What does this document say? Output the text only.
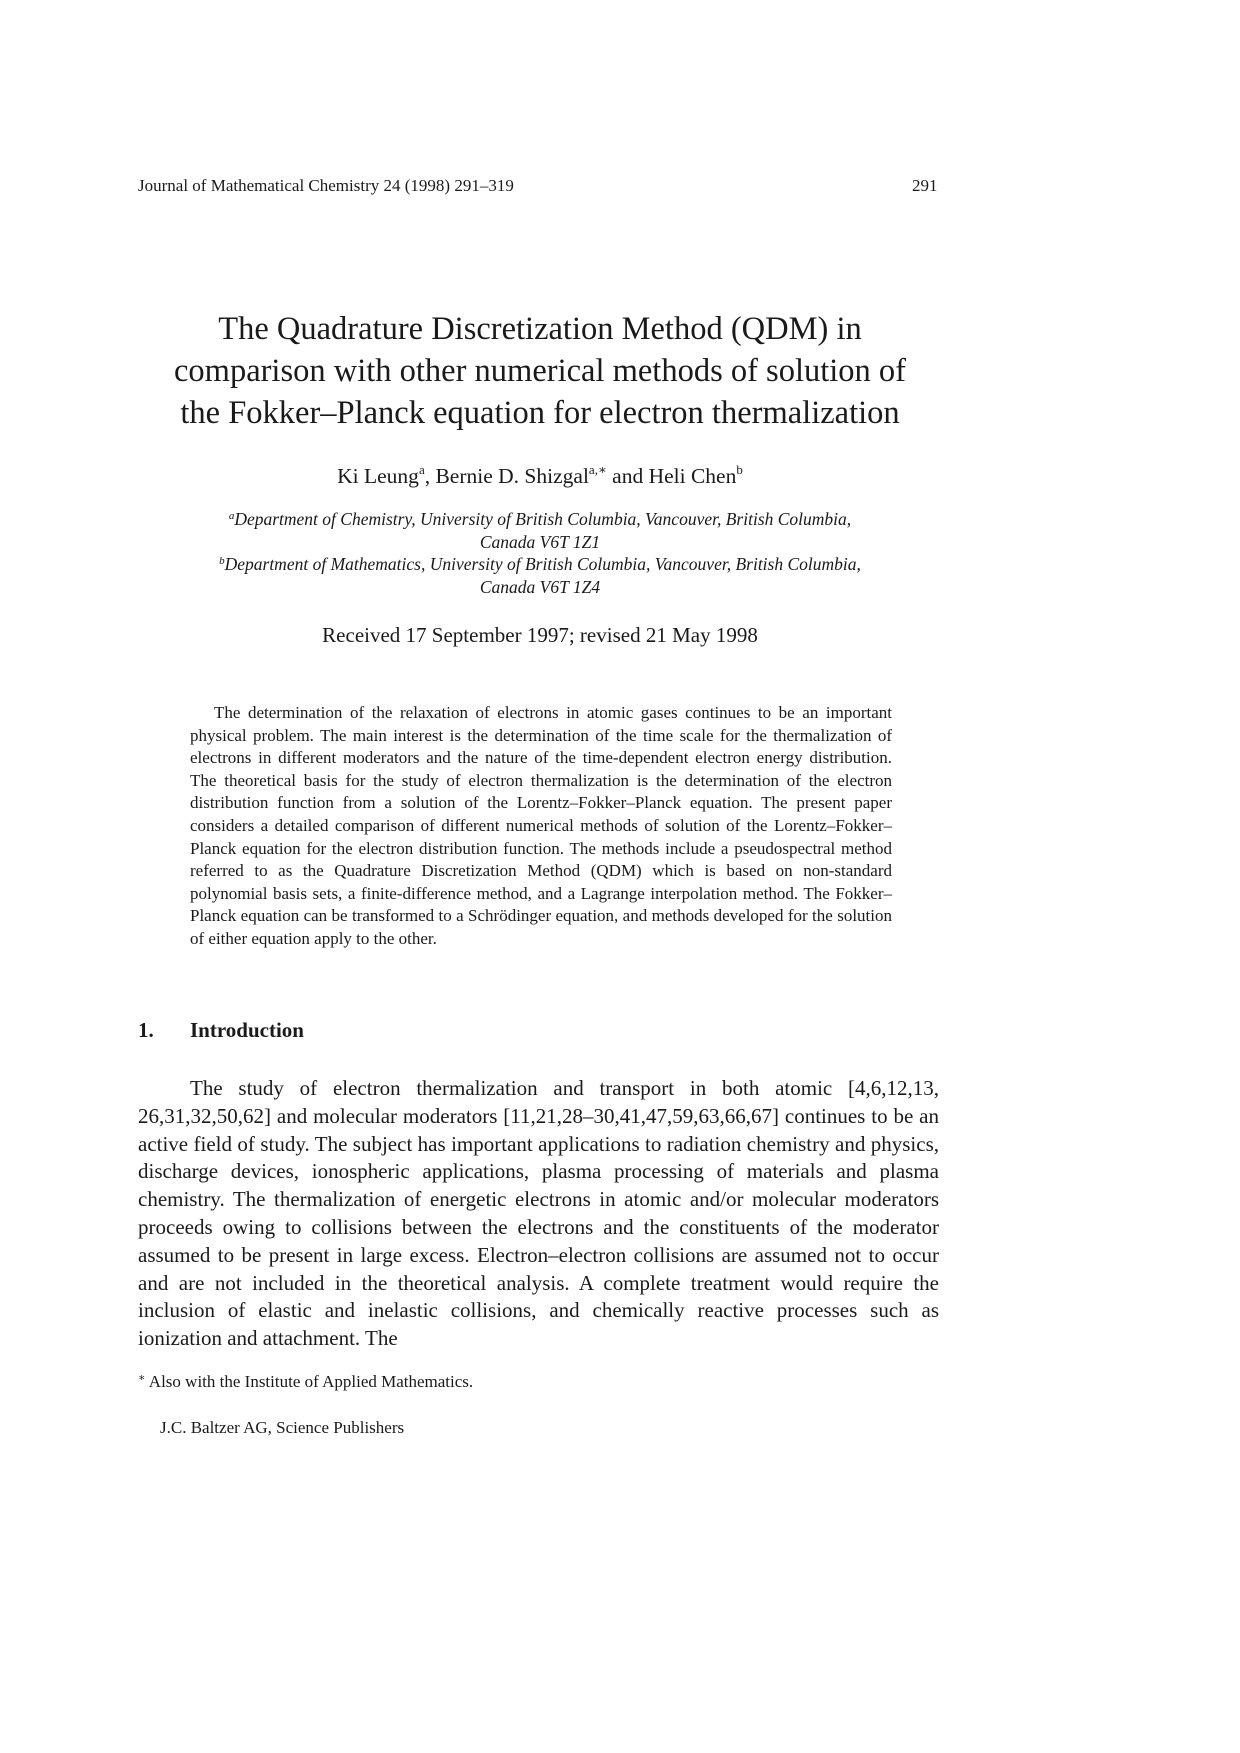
Journal of Mathematical Chemistry 24 (1998) 291–319	291
The Quadrature Discretization Method (QDM) in
comparison with other numerical methods of solution of
the Fokker–Planck equation for electron thermalization
Ki Leung$^a$, Bernie D. Shizgal$^{a,∗}$ and Heli Chen$^b$
$^a$Department of Chemistry, University of British Columbia, Vancouver, British Columbia,
Canada V6T 1Z1
$^b$Department of Mathematics, University of British Columbia, Vancouver, British Columbia,
Canada V6T 1Z4
Received 17 September 1997; revised 21 May 1998

The determination of the relaxation of electrons in atomic gases continues to be an important physical problem. The main interest is the determination of the time scale for the thermalization of electrons in different moderators and the nature of the time-dependent electron energy distribution. The theoretical basis for the study of electron thermalization is the determination of the electron distribution function from a solution of the Lorentz–Fokker–Planck equation. The present paper considers a detailed comparison of different numerical methods of solution of the Lorentz–Fokker–Planck equation for the electron distribution function. The methods include a pseudospectral method referred to as the Quadrature Discretization Method (QDM) which is based on non-standard polynomial basis sets, a finite-difference method, and a Lagrange interpolation method. The Fokker–Planck equation can be transformed to a Schrödinger equation, and methods developed for the solution of either equation apply to the other.

1. Introduction

The study of electron thermalization and transport in both atomic [4,6,12,13, 26,31,32,50,62] and molecular moderators [11,21,28–30,41,47,59,63,66,67] continues to be an active field of study. The subject has important applications to radiation chemistry and physics, discharge devices, ionospheric applications, plasma processing of materials and plasma chemistry. The thermalization of energetic electrons in atomic and/or molecular moderators proceeds owing to collisions between the electrons and the constituents of the moderator assumed to be present in large excess. Electron–electron collisions are assumed not to occur and are not included in the theoretical analysis. A complete treatment would require the inclusion of elastic and inelastic collisions, and chemically reactive processes such as ionization and attachment. The

∗ Also with the Institute of Applied Mathematics.
J.C. Baltzer AG, Science Publishers
